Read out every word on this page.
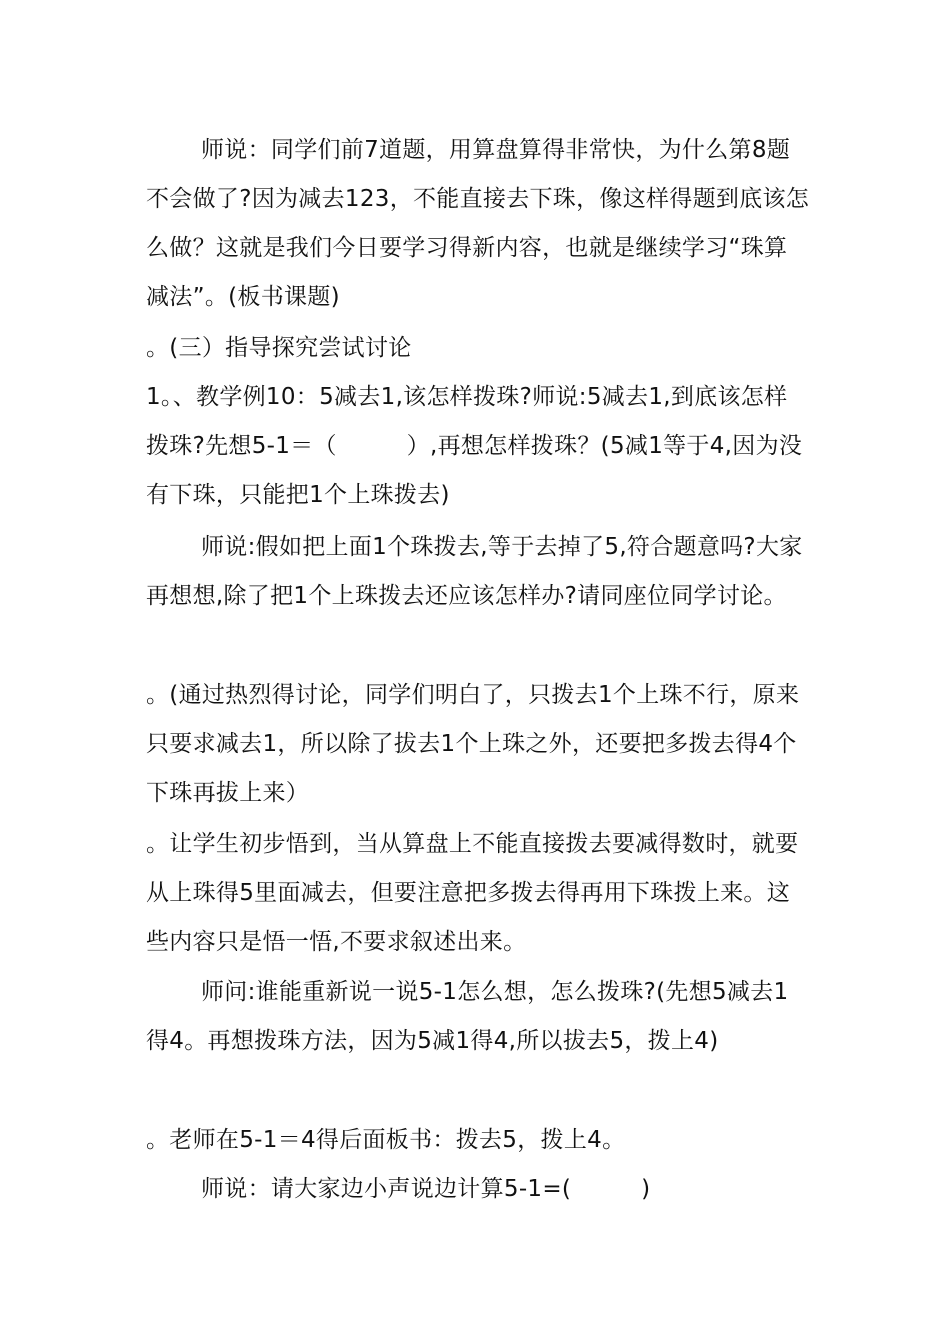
师说：同学们前7道题，用算盘算得非常快，为什么第8题不会做了?因为减去123，不能直接去下珠，像这样得题到底该怎么做？这就是我们今日要学习得新内容，也就是继续学习“珠算减法”。(板书课题)

。(三）指导探究尝试讨论

1。、教学例10：5减去1,该怎样拨珠?师说:5减去1,到底该怎样拨珠?先想5-1＝（　　　）,再想怎样拨珠？(5减1等于4,因为没有下珠，只能把1个上珠拨去)

师说:假如把上面1个珠拨去,等于去掉了5,符合题意吗?大家再想想,除了把1个上珠拨去还应该怎样办?请同座位同学讨论。

。(通过热烈得讨论，同学们明白了，只拨去1个上珠不行，原来只要求减去1，所以除了拔去1个上珠之外，还要把多拨去得4个下珠再拔上来）

。让学生初步悟到，当从算盘上不能直接拨去要减得数时，就要从上珠得5里面减去，但要注意把多拨去得再用下珠拨上来。这些内容只是悟一悟,不要求叙述出来。

师问:谁能重新说一说5-1怎么想，怎么拨珠?(先想5减去1得4。再想拨珠方法，因为5减1得4,所以拔去5，拨上4)

。老师在5-1＝4得后面板书：拨去5，拨上4。

师说：请大家边小声说边计算5-1=(　　　)
